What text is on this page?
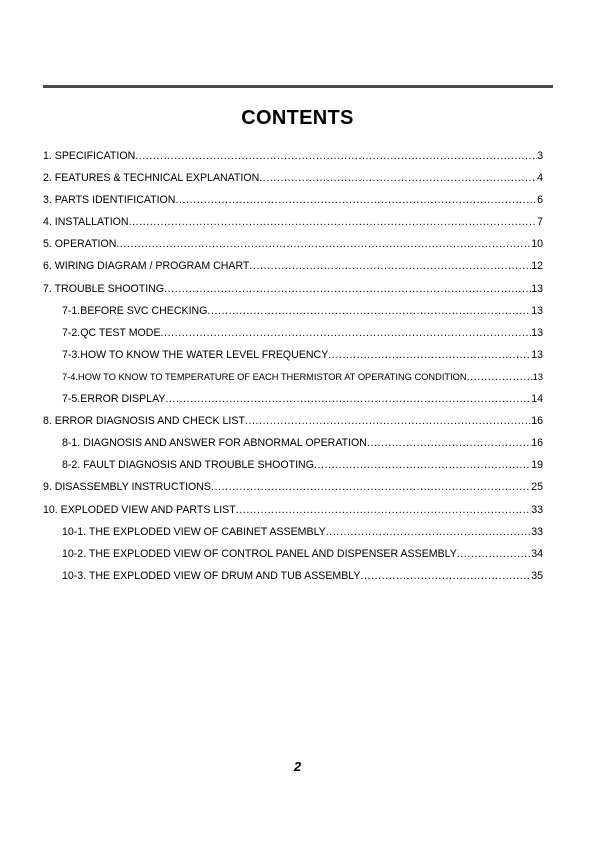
CONTENTS
1. SPECIFICATION .....	3
2. FEATURES & TECHNICAL EXPLANATION .....	4
3. PARTS IDENTIFICATION .....	6
4. INSTALLATION .....	7
5. OPERATION .....	10
6. WIRING DIAGRAM / PROGRAM CHART .....	12
7. TROUBLE SHOOTING .....	13
7-1.BEFORE SVC CHECKING .....	13
7-2.QC TEST MODE .....	13
7-3.HOW TO KNOW THE WATER LEVEL FREQUENCY .....	13
7-4.HOW TO KNOW TO TEMPERATURE OF EACH THERMISTOR AT OPERATING CONDITION .....	13
7-5.ERROR DISPLAY .....	14
8. ERROR DIAGNOSIS AND CHECK LIST .....	16
8-1. DIAGNOSIS AND ANSWER FOR ABNORMAL OPERATION .....	16
8-2. FAULT DIAGNOSIS AND TROUBLE SHOOTING .....	19
9. DISASSEMBLY INSTRUCTIONS .....	25
10. EXPLODED VIEW AND PARTS LIST .....	33
10-1. THE EXPLODED VIEW OF CABINET ASSEMBLY .....	33
10-2. THE EXPLODED VIEW OF CONTROL PANEL AND DISPENSER ASSEMBLY .....	34
10-3. THE EXPLODED VIEW OF DRUM AND TUB ASSEMBLY .....	35
2
